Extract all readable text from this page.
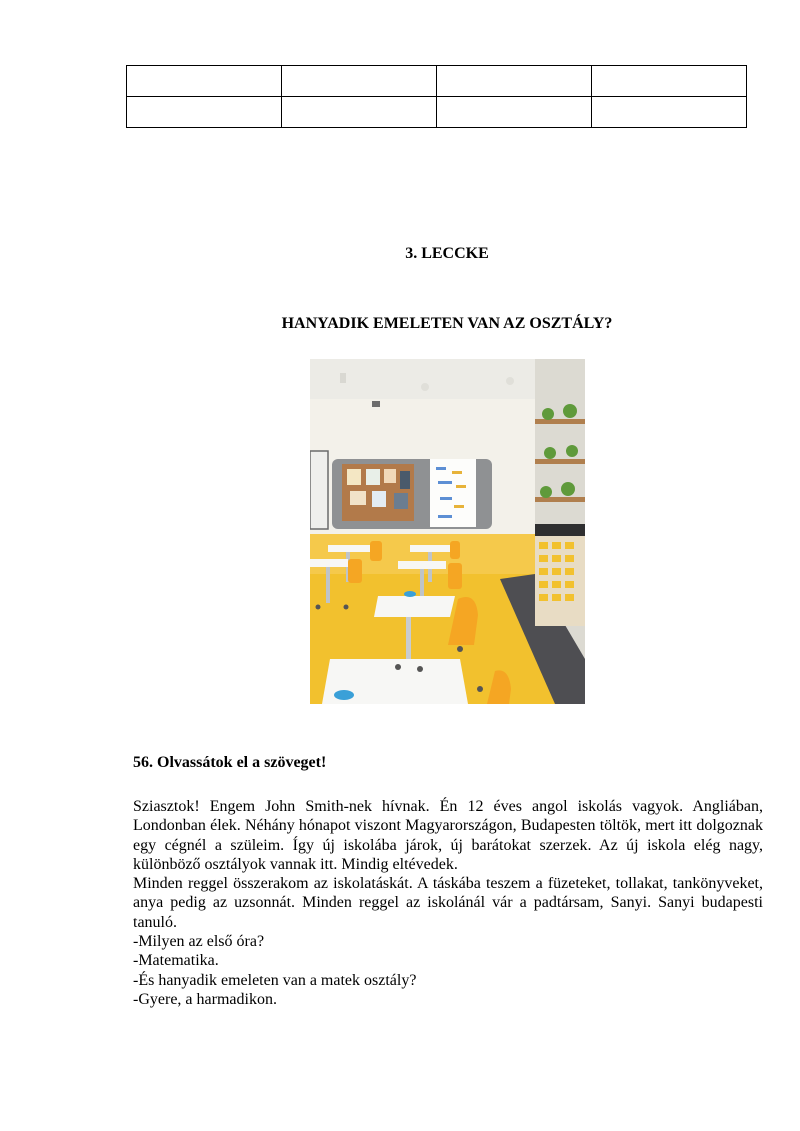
3. LECCKE
HANYADIK EMELETEN VAN AZ OSZTÁLY?
56. Olvassátok el a szöveget!

Sziasztok! Engem John Smith-nek hívnak. Én 12 éves angol iskolás vagyok. Angliában, Londonban élek. Néhány hónapot viszont Magyarországon, Budapesten töltök, mert itt dolgoznak egy cégnél a szüleim. Így új iskolába járok, új barátokat szerzek. Az új iskola elég nagy, különböző osztályok vannak itt. Mindig eltévedek.

Minden reggel összerakom az iskolatáskát. A táskába teszem a füzeteket, tollakat, tankönyveket, anya pedig az uzsonnát. Minden reggel az iskolánál vár a padtársam, Sanyi. Sanyi budapesti tanuló.

-Milyen az első óra?

-Matematika.

-És hanyadik emeleten van a matek osztály?

-Gyere, a harmadikon.
